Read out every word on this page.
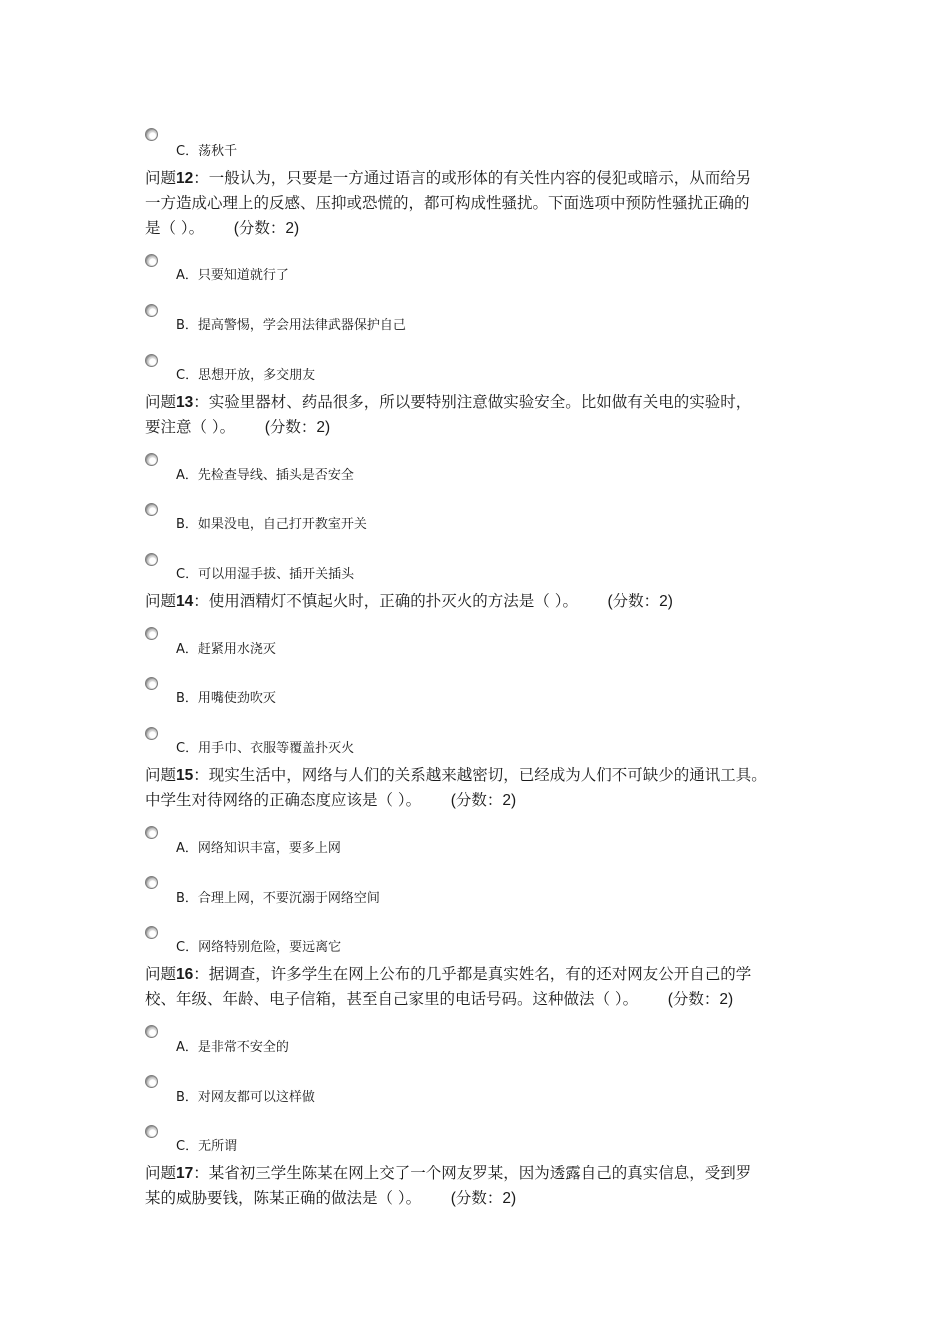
C．荡秋千
问题12：一般认为，只要是一方通过语言的或形体的有关性内容的侵犯或暗示，从而给另
一方造成心理上的反感、压抑或恐慌的，都可构成性骚扰。下面选项中预防性骚扰正确的
是（ ）。 (分数：2)
A．只要知道就行了
B．提高警惕，学会用法律武器保护自己
C．思想开放，多交朋友
问题13：实验里器材、药品很多，所以要特别注意做实验安全。比如做有关电的实验时，
要注意（ ）。 (分数：2)
A．先检查导线、插头是否安全
B．如果没电，自己打开教室开关
C．可以用湿手拔、插开关插头
问题14：使用酒精灯不慎起火时，正确的扑灭火的方法是（ ）。 (分数：2)
A．赶紧用水浇灭
B．用嘴使劲吹灭
C．用手巾、衣服等覆盖扑灭火
问题15：现实生活中，网络与人们的关系越来越密切，已经成为人们不可缺少的通讯工具。
中学生对待网络的正确态度应该是（ ）。 (分数：2)
A．网络知识丰富，要多上网
B．合理上网，不要沉溺于网络空间
C．网络特别危险，要远离它
问题16：据调查，许多学生在网上公布的几乎都是真实姓名，有的还对网友公开自己的学
校、年级、年龄、电子信箱，甚至自己家里的电话号码。这种做法（ ）。 (分数：2)
A．是非常不安全的
B．对网友都可以这样做
C．无所谓
问题17：某省初三学生陈某在网上交了一个网友罗某，因为透露自己的真实信息，受到罗
某的威胁要钱，陈某正确的做法是（ ）。 (分数：2)
